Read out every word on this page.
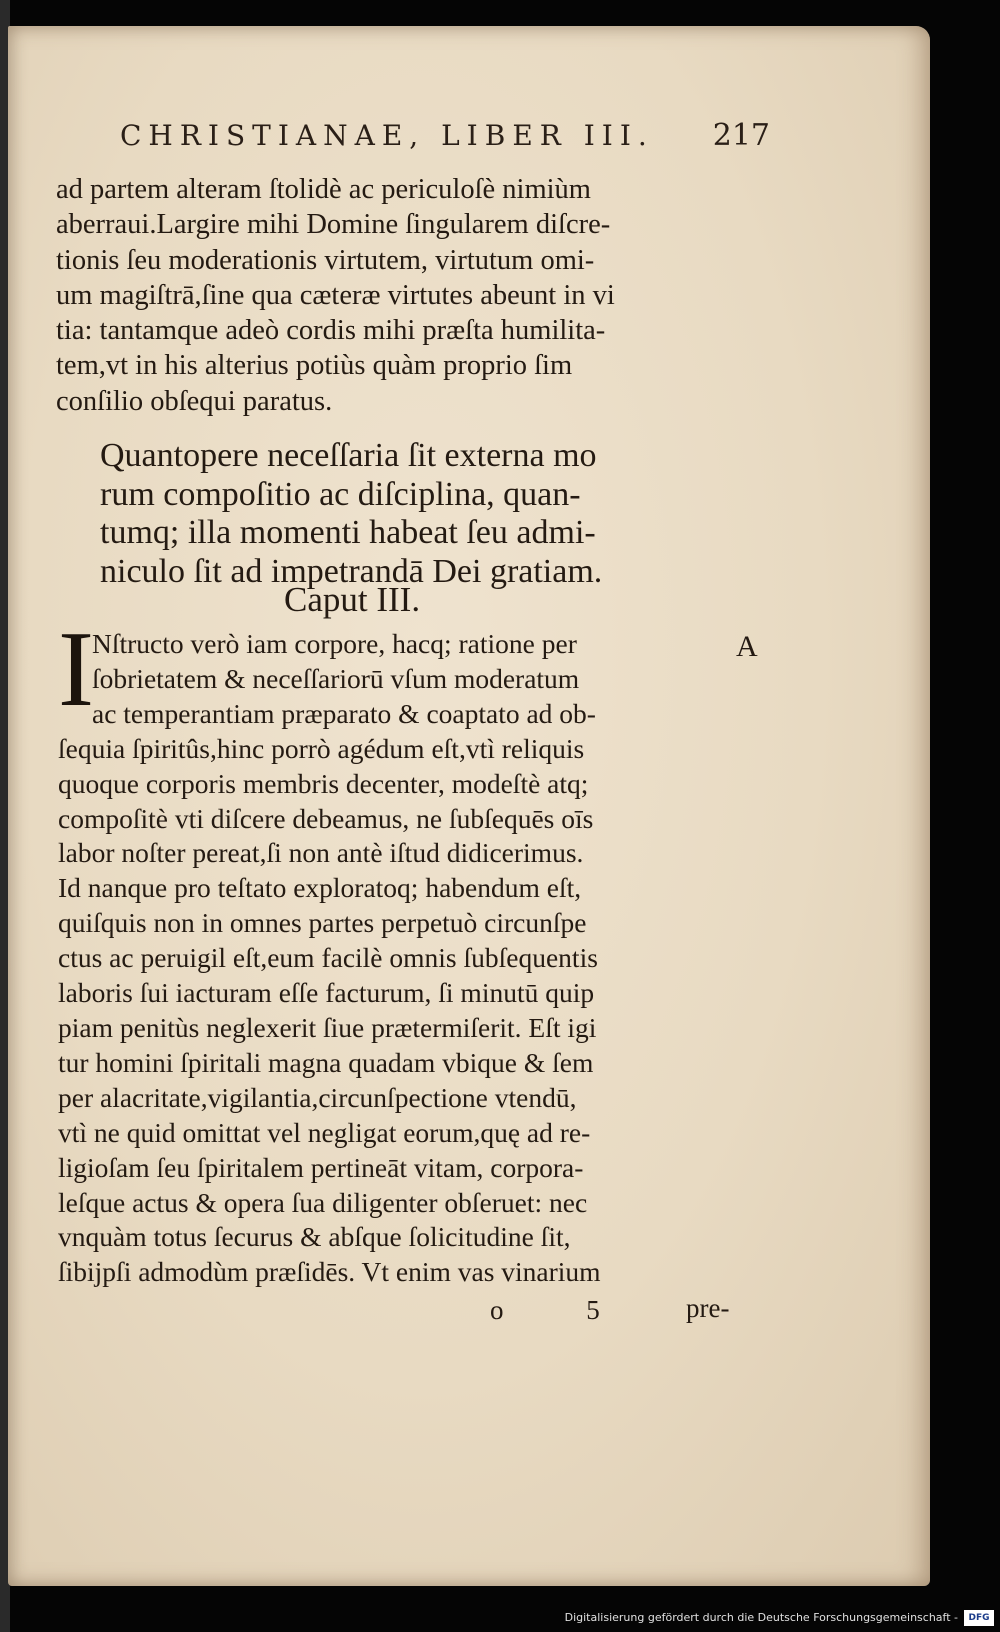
CHRISTIANAE, LIBER III. 217
ad partem alteram ſtolidè ac periculoſè nimiùm
aberraui.Largire mihi Domine ſingularem diſcre-
tionis ſeu moderationis virtutem, virtutum omi-
um magiſtrā,ſine qua cæteræ virtutes abeunt in vi
tia: tantamque adeò cordis mihi præſta humilita-
tem,vt in his alterius potiùs quàm proprio ſim
conſilio obſequi paratus.
Quantopere neceſſaria ſit externa mo
rum compoſitio ac diſciplina, quan-
tumq; illa momenti habeat ſeu admi-
niculo ſit ad impetrandā Dei gratiam.
Caput III.
I	A
Nſtructo verò iam corpore, hacq; ratione per
ſobrietatem & neceſſariorū vſum moderatum
ac temperantiam præparato & coaptato ad ob-
ſequia ſpiritûs,hinc porrò agédum eſt,vtì reliquis
quoque corporis membris decenter, modeſtè atq;
compoſitè vti diſcere debeamus, ne ſubſequēs oīs
labor noſter pereat,ſi non antè iſtud didicerimus.
Id nanque pro teſtato exploratoq; habendum eſt,
quiſquis non in omnes partes perpetuò circunſpe
ctus ac peruigil eſt,eum facilè omnis ſubſequentis
laboris ſui iacturam eſſe facturum, ſi minutū quip
piam penitùs neglexerit ſiue prætermiſerit. Eſt igi
tur homini ſpiritali magna quadam vbique & ſem
per alacritate,vigilantia,circunſpectione vtendū,
vtì ne quid omittat vel negligat eorum,quę ad re-
ligioſam ſeu ſpiritalem pertineāt vitam, corpora-
leſque actus & opera ſua diligenter obſeruet: nec
vnquàm totus ſecurus & abſque ſolicitudine ſit,
ſibijpſi admodùm præſidēs. Vt enim vas vinarium
o 5 pre-
Digitalisierung gefördert durch die Deutsche Forschungsgemeinschaft -	DFG
